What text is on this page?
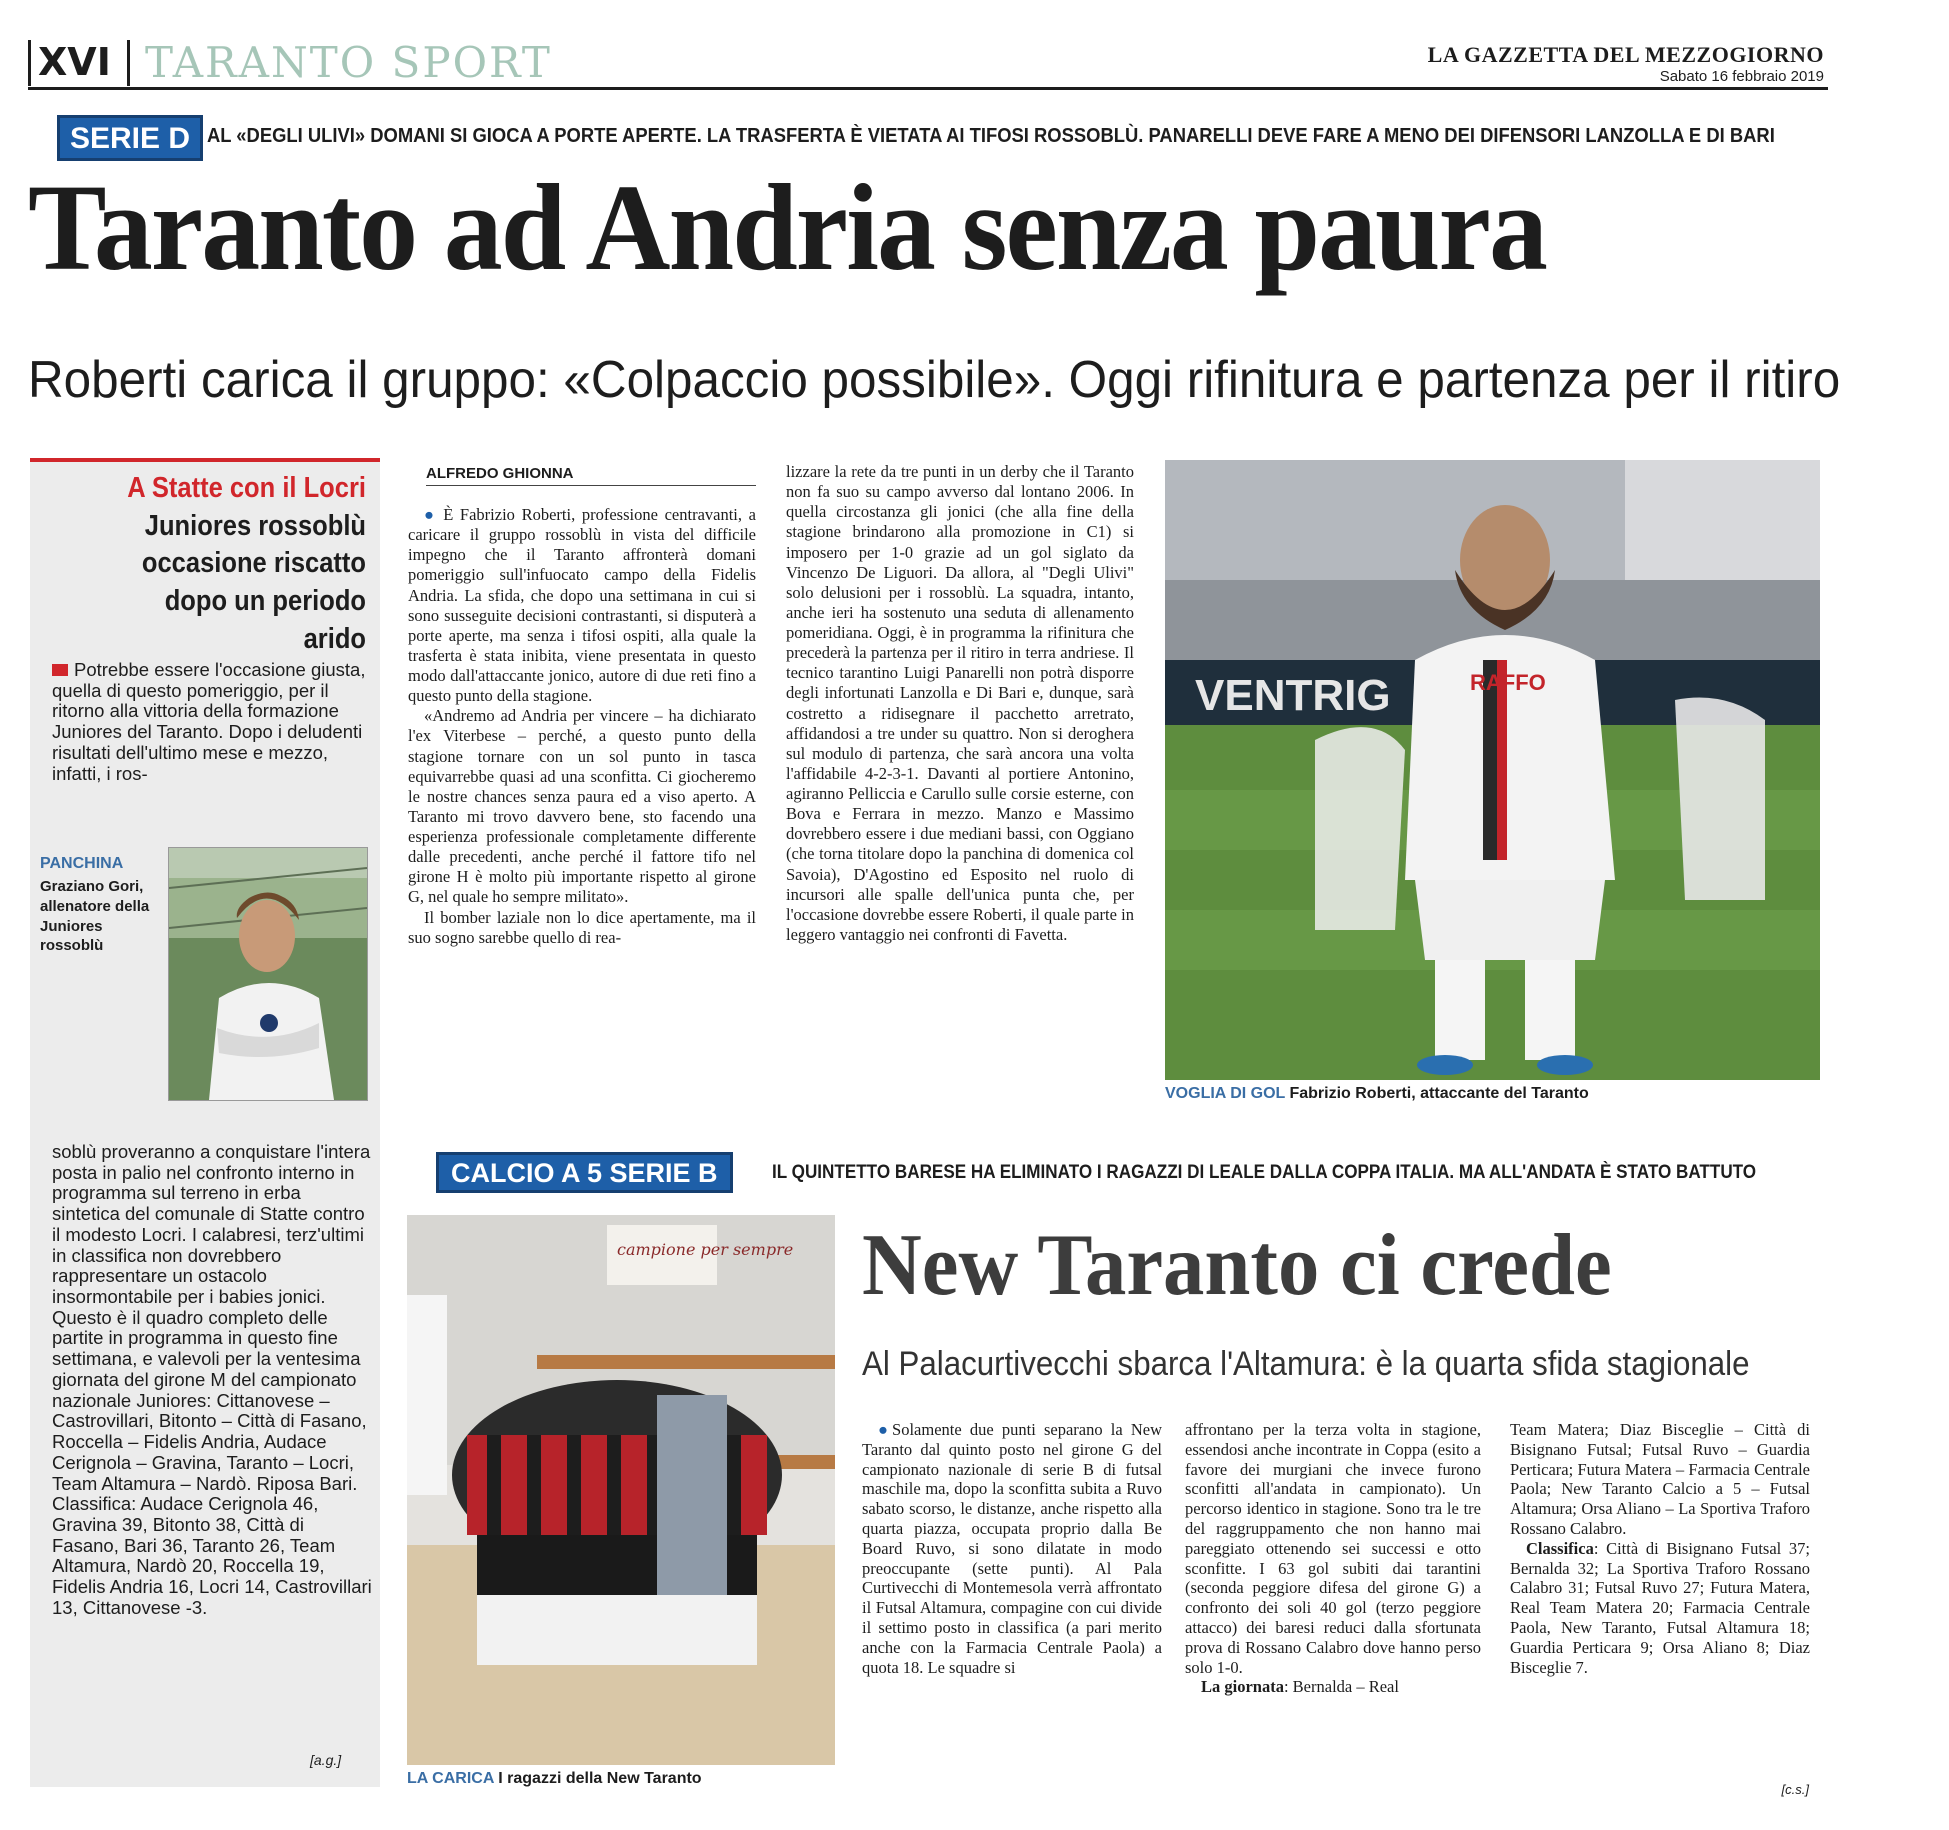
XVI TARANTO SPORT	LA GAZZETTA DEL MEZZOGIORNO
Sabato 16 febbraio 2019
SERIE D AL «DEGLI ULIVI» DOMANI SI GIOCA A PORTE APERTE. LA TRASFERTA È VIETATA AI TIFOSI ROSSOBLÙ. PANARELLI DEVE FARE A MENO DEI DIFENSORI LANZOLLA E DI BARI
Taranto ad Andria senza paura
Roberti carica il gruppo: «Colpaccio possibile». Oggi rifinitura e partenza per il ritiro
A Statte con il Locri
Juniores rossoblù occasione riscatto dopo un periodo arido
Potrebbe essere l'occasione giusta, quella di questo pomeriggio, per il ritorno alla vittoria della formazione Juniores del Taranto. Dopo i deludenti risultati dell'ultimo mese e mezzo, infatti, i ros-
PANCHINA
Graziano Gori, allenatore della Juniores rossoblù
soblù proveranno a conquistare l'intera posta in palio nel confronto interno in programma sul terreno in erba sintetica del comunale di Statte contro il modesto Locri. I calabresi, terz'ultimi in classifica non dovrebbero rappresentare un ostacolo insormontabile per i babies jonici. Questo è il quadro completo delle partite in programma in questo fine settimana, e valevoli per la ventesima giornata del girone M del campionato nazionale Juniores: Cittanovese – Castrovillari, Bitonto – Città di Fasano, Roccella – Fidelis Andria, Audace Cerignola – Gravina, Taranto – Locri, Team Altamura – Nardò. Riposa Bari. Classifica: Audace Cerignola 46, Gravina 39, Bitonto 38, Città di Fasano, Bari 36, Taranto 26, Team Altamura, Nardò 20, Roccella 19, Fidelis Andria 16, Locri 14, Castrovillari 13, Cittanovese -3.
[a.g.]
ALFREDO GHIONNA

● È Fabrizio Roberti, professione centravanti, a caricare il gruppo rossoblù in vista del difficile impegno che il Taranto affronterà domani pomeriggio sull'infuocato campo della Fidelis Andria. La sfida, che dopo una settimana in cui si sono susseguite decisioni contrastanti, si disputerà a porte aperte, ma senza i tifosi ospiti, alla quale la trasferta è stata inibita, viene presentata in questo modo dall'attaccante jonico, autore di due reti fino a questo punto della stagione.

«Andremo ad Andria per vincere – ha dichiarato l'ex Viterbese – perché, a questo punto della stagione tornare con un sol punto in tasca equivarrebbe quasi ad una sconfitta. Ci giocheremo le nostre chances senza paura ed a viso aperto. A Taranto mi trovo davvero bene, sto facendo una esperienza professionale completamente differente dalle precedenti, anche perché il fattore tifo nel girone H è molto più importante rispetto al girone G, nel quale ho sempre militato».

Il bomber laziale non lo dice apertamente, ma il suo sogno sarebbe quello di rea-

lizzare la rete da tre punti in un derby che il Taranto non fa suo su campo avverso dal lontano 2006. In quella circostanza gli jonici (che alla fine della stagione brindarono alla promozione in C1) si imposero per 1-0 grazie ad un gol siglato da Vincenzo De Liguori. Da allora, al "Degli Ulivi" solo delusioni per i rossoblù. La squadra, intanto, anche ieri ha sostenuto una seduta di allenamento pomeridiana. Oggi, è in programma la rifinitura che precederà la partenza per il ritiro in terra andriese. Il tecnico tarantino Luigi Panarelli non potrà disporre degli infortunati Lanzolla e Di Bari e, dunque, sarà costretto a ridisegnare il pacchetto arretrato, affidandosi a tre under su quattro. Non si deroghera sul modulo di partenza, che sarà ancora una volta l'affidabile 4-2-3-1. Davanti al portiere Antonino, agiranno Pelliccia e Carullo sulle corsie esterne, con Bova e Ferrara in mezzo. Manzo e Massimo dovrebbero essere i due mediani bassi, con Oggiano (che torna titolare dopo la panchina di domenica col Savoia), D'Agostino ed Esposito nel ruolo di incursori alle spalle dell'unica punta che, per l'occasione dovrebbe essere Roberti, il quale parte in leggero vantaggio nei confronti di Favetta.

VENTRIG	RAFFO
VOGLIA DI GOL Fabrizio Roberti, attaccante del Taranto
CALCIO A 5 SERIE B	IL QUINTETTO BARESE HA ELIMINATO I RAGAZZI DI LEALE DALLA COPPA ITALIA. MA ALL'ANDATA È STATO BATTUTO
New Taranto ci crede
Al Palacurtivecchi sbarca l'Altamura: è la quarta sfida stagionale
campione per sempre
LA CARICA I ragazzi della New Taranto

●Solamente due punti separano la New Taranto dal quinto posto nel girone G del campionato nazionale di serie B di futsal maschile ma, dopo la sconfitta subita a Ruvo sabato scorso, le distanze, anche rispetto alla quarta piazza, occupata proprio dalla Be Board Ruvo, si sono dilatate in modo preoccupante (sette punti). Al Pala Curtivecchi di Montemesola verrà affrontato il Futsal Altamura, compagine con cui divide il settimo posto in classifica (a pari merito anche con la Farmacia Centrale Paola) a quota 18. Le squadre si

affrontano per la terza volta in stagione, essendosi anche incontrate in Coppa (esito a favore dei murgiani che invece furono sconfitti all'andata in campionato). Un percorso identico in stagione. Sono tra le tre del raggruppamento che non hanno mai pareggiato ottenendo sei successi e otto sconfitte. I 63 gol subiti dai tarantini (seconda peggiore difesa del girone G) a confronto dei soli 40 gol (terzo peggiore attacco) dei baresi reduci dalla sfortunata prova di Rossano Calabro dove hanno perso solo 1-0.

La giornata: Bernalda – Real

Team Matera; Diaz Bisceglie – Città di Bisignano Futsal; Futsal Ruvo – Guardia Perticara; Futura Matera – Farmacia Centrale Paola; New Taranto Calcio a 5 – Futsal Altamura; Orsa Aliano – La Sportiva Traforo Rossano Calabro.

Classifica: Città di Bisignano Futsal 37; Bernalda 32; La Sportiva Traforo Rossano Calabro 31; Futsal Ruvo 27; Futura Matera, Real Team Matera 20; Farmacia Centrale Paola, New Taranto, Futsal Altamura 18; Guardia Perticara 9; Orsa Aliano 8; Diaz Bisceglie 7.

[c.s.]
